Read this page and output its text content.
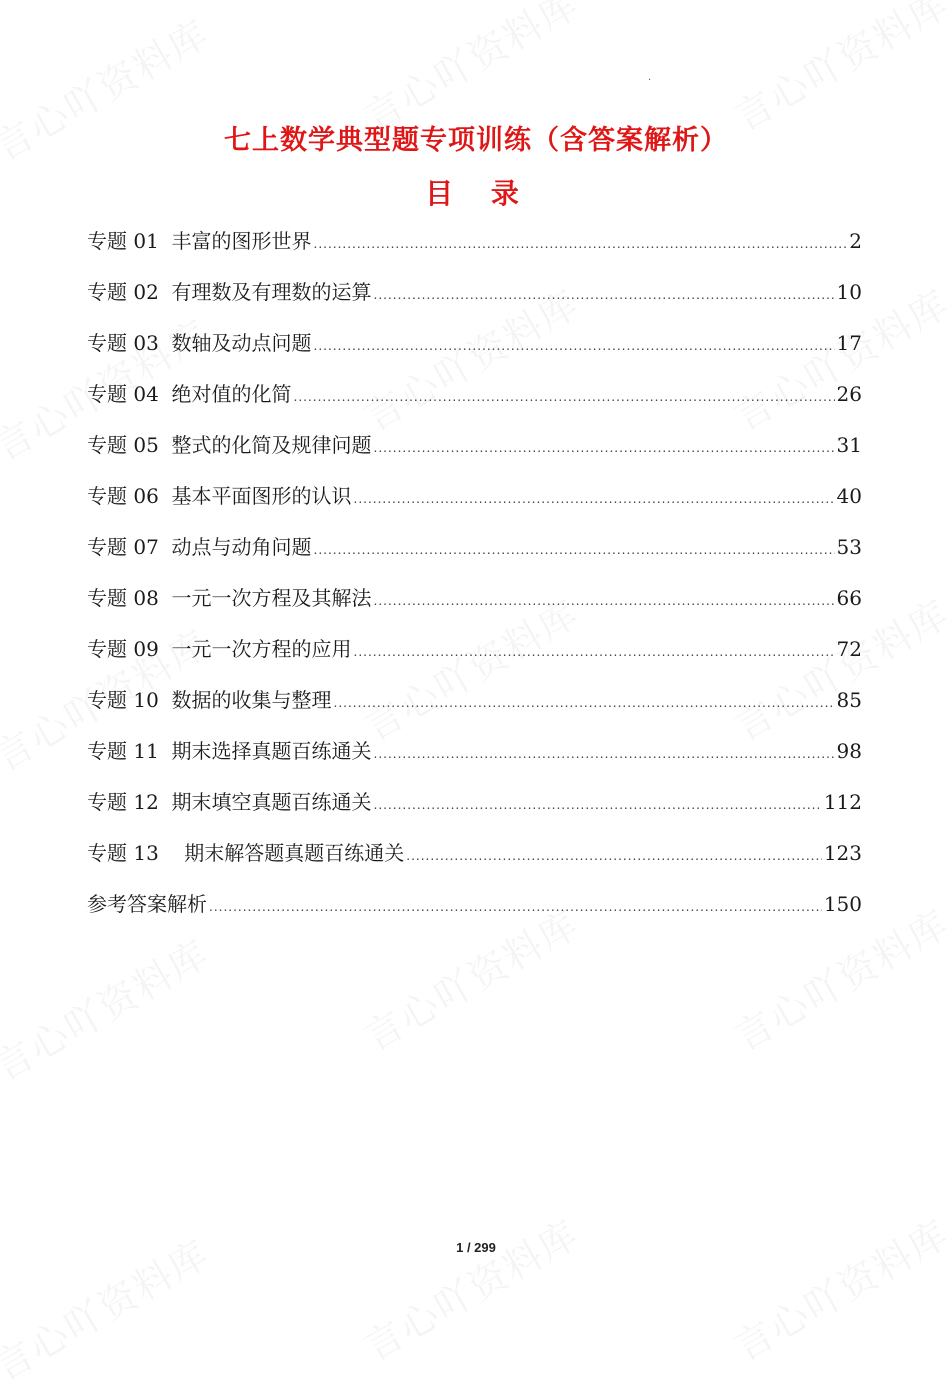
.
七上数学典型题专项训练（含答案解析）
目 录
专题 01  丰富的图形世界 .....	2
专题 02  有理数及有理数的运算 .....	10
专题 03  数轴及动点问题 .....	17
专题 04  绝对值的化简 .....	26
专题 05  整式的化简及规律问题 .....	31
专题 06  基本平面图形的认识 .....	40
专题 07  动点与动角问题 .....	53
专题 08  一元一次方程及其解法 .....	66
专题 09  一元一次方程的应用 .....	72
专题 10  数据的收集与整理 .....	85
专题 11  期末选择真题百练通关 .....	98
专题 12  期末填空真题百练通关 .....	112
专题 13    期末解答题真题百练通关 .....	123
参考答案解析 .....	150
1 / 299
